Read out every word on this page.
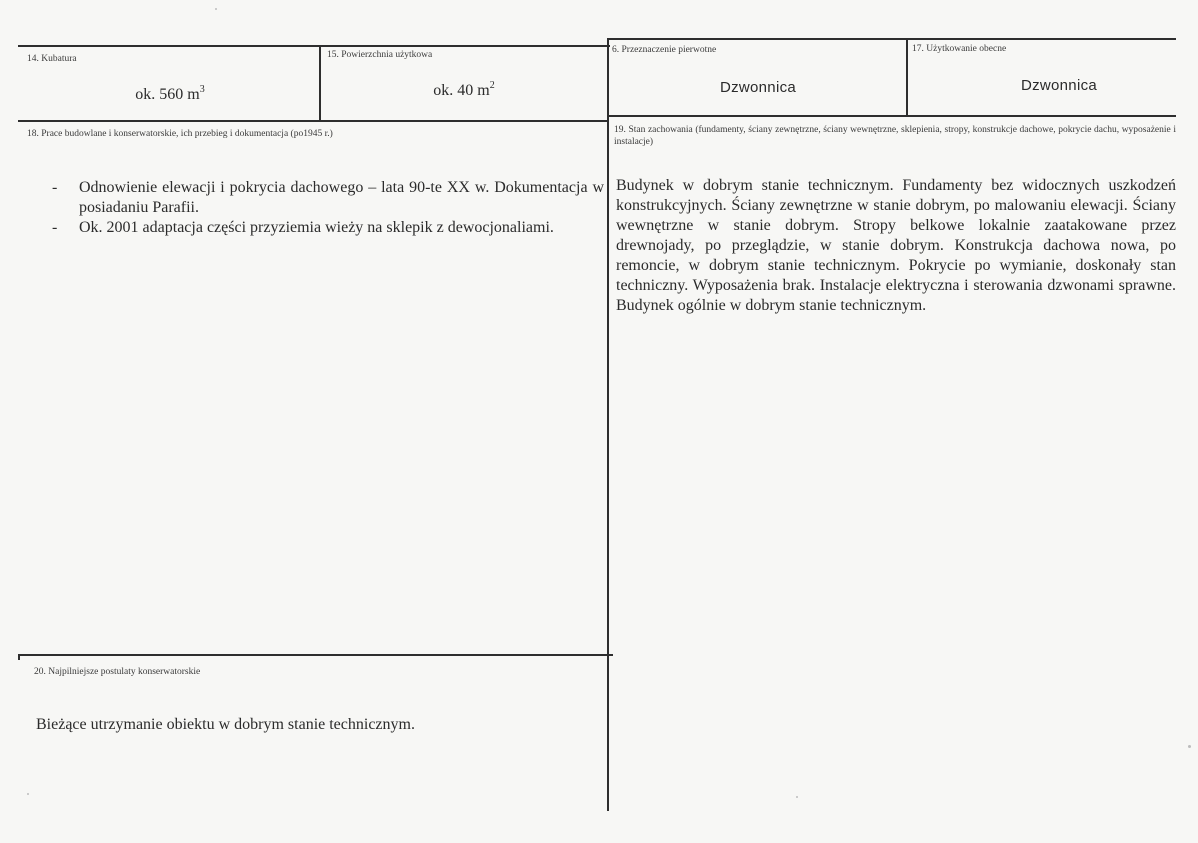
14. Kubatura
ok. 560 $m^3$
15. Powierzchnia użytkowa
ok. 40 $m^2$
6. Przeznaczenie pierwotne
Dzwonnica
17. Użytkowanie obecne
Dzwonnica
18. Prace budowlane i konserwatorskie, ich przebieg i dokumentacja (po1945 r.)
- Odnowienie elewacji i pokrycia dachowego – lata 90-te XX w. Dokumentacja w posiadaniu Parafii.
- Ok. 2001 adaptacja części przyziemia wieży na sklepik z dewocjonaliami.
19. Stan zachowania (fundamenty, ściany zewnętrzne, ściany wewnętrzne, sklepienia, stropy, konstrukcje dachowe, pokrycie dachu, wyposażenie i instalacje)

Budynek w dobrym stanie technicznym. Fundamenty bez widocznych uszkodzeń konstrukcyjnych. Ściany zewnętrzne w stanie dobrym, po malowaniu elewacji. Ściany wewnętrzne w stanie dobrym. Stropy belkowe lokalnie zaatakowane przez drewnojady, po przeglądzie, w stanie dobrym. Konstrukcja dachowa nowa, po remoncie, w dobrym stanie technicznym. Pokrycie po wymianie, doskonały stan techniczny. Wyposażenia brak. Instalacje elektryczna i sterowania dzwonami sprawne. Budynek ogólnie w dobrym stanie technicznym.

20. Najpilniejsze postulaty konserwatorskie
Bieżące utrzymanie obiektu w dobrym stanie technicznym.
